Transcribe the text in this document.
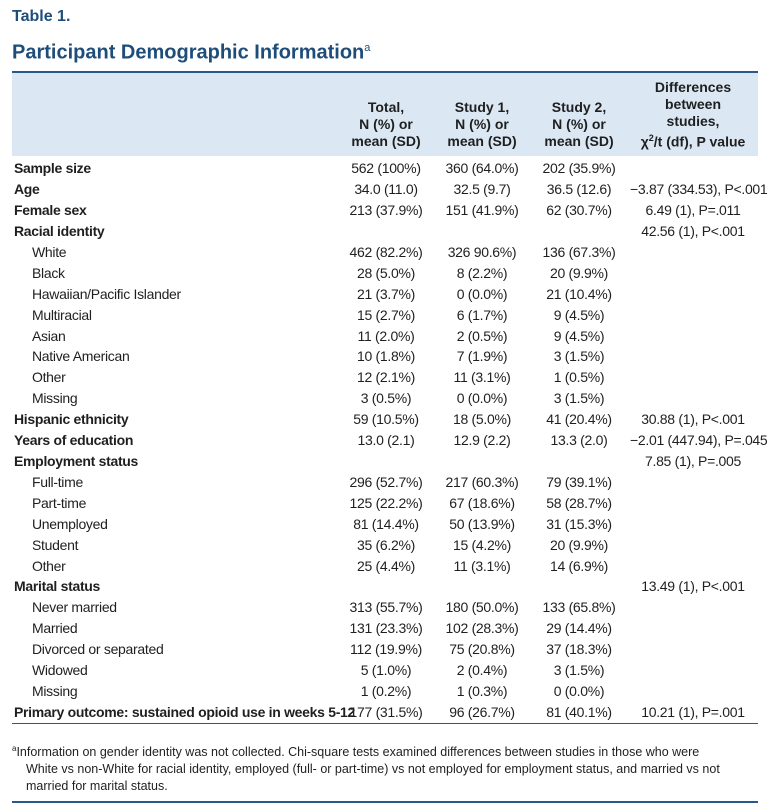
Table 1.
Participant Demographic Information$^a$
	Total,
N (%) or
mean (SD)	Study 1,
N (%) or
mean (SD)	Study 2,
N (%) or
mean (SD)	Differences between
studies,
$\chi^2/t$ (df), P value
Sample size	562 (100%)	360 (64.0%)	202 (35.9%)	
Age	34.0 (11.0)	32.5 (9.7)	36.5 (12.6)	−3.87 (334.53), P<.001
Female sex	213 (37.9%)	151 (41.9%)	62 (30.7%)	6.49 (1), P=.011
Racial identity				42.56 (1), P<.001
White	462 (82.2%)	326 90.6%)	136 (67.3%)	
Black	28 (5.0%)	8 (2.2%)	20 (9.9%)	
Hawaiian/Pacific Islander	21 (3.7%)	0 (0.0%)	21 (10.4%)	
Multiracial	15 (2.7%)	6 (1.7%)	9 (4.5%)	
Asian	11 (2.0%)	2 (0.5%)	9 (4.5%)	
Native American	10 (1.8%)	7 (1.9%)	3 (1.5%)	
Other	12 (2.1%)	11 (3.1%)	1 (0.5%)	
Missing	3 (0.5%)	0 (0.0%)	3 (1.5%)	
Hispanic ethnicity	59 (10.5%)	18 (5.0%)	41 (20.4%)	30.88 (1), P<.001
Years of education	13.0 (2.1)	12.9 (2.2)	13.3 (2.0)	−2.01 (447.94), P=.045
Employment status				7.85 (1), P=.005
Full-time	296 (52.7%)	217 (60.3%)	79 (39.1%)	
Part-time	125 (22.2%)	67 (18.6%)	58 (28.7%)	
Unemployed	81 (14.4%)	50 (13.9%)	31 (15.3%)	
Student	35 (6.2%)	15 (4.2%)	20 (9.9%)	
Other	25 (4.4%)	11 (3.1%)	14 (6.9%)	
Marital status				13.49 (1), P<.001
Never married	313 (55.7%)	180 (50.0%)	133 (65.8%)	
Married	131 (23.3%)	102 (28.3%)	29 (14.4%)	
Divorced or separated	112 (19.9%)	75 (20.8%)	37 (18.3%)	
Widowed	5 (1.0%)	2 (0.4%)	3 (1.5%)	
Missing	1 (0.2%)	1 (0.3%)	0 (0.0%)	
Primary outcome: sustained opioid use in weeks 5-12	177 (31.5%)	96 (26.7%)	81 (40.1%)	10.21 (1), P=.001
$^a$Information on gender identity was not collected. Chi-square tests examined differences between studies in those who were
White vs non-White for racial identity, employed (full- or part-time) vs not employed for employment status, and married vs not
married for marital status.
